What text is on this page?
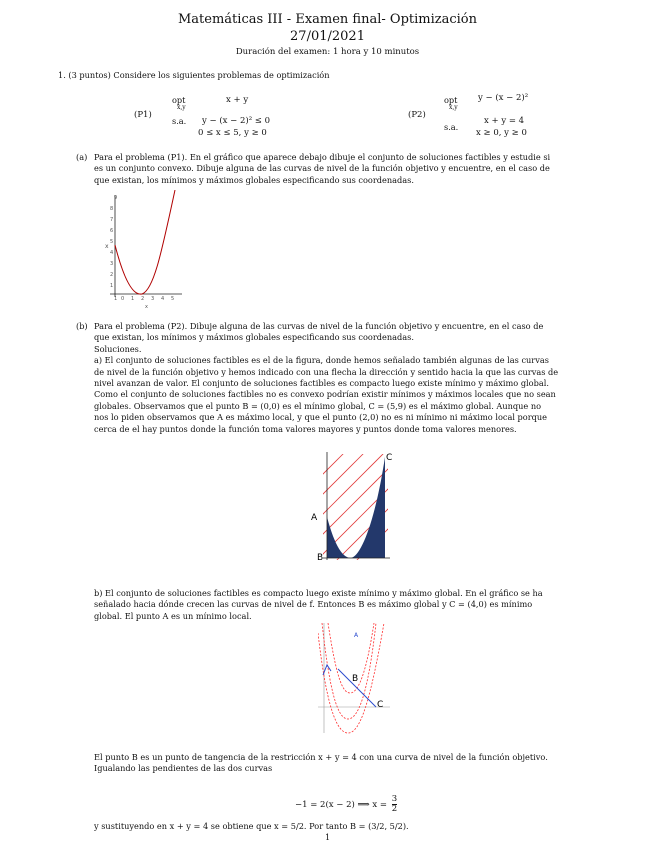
Matemáticas III - Examen final- Optimización
27/01/2021
Duración del examen: 1 hora y 10 minutos
1. (3 puntos) Considere los siguientes problemas de optimización
(P1)
opt
x,y
x + y
s.a. y − (x − 2)² ≤ 0
0 ≤ x ≤ 5, y ≥ 0
(P2)
opt
x,y
y − (x − 2)²
s.a.
x + y = 4
x ≥ 0, y ≥ 0
(a) Para el problema (P1). En el gráfico que aparece debajo dibuje el conjunto de soluciones factibles y estudie si
es un conjunto convexo. Dibuje alguna de las curvas de nivel de la función objetivo y encuentre, en el caso de
que existan, los mínimos y máximos globales especificando sus coordenadas.
9
8
7
6
5
4
3
2
1
x
1 0 1 2 3 4 5
x
(b) Para el problema (P2). Dibuje alguna de las curvas de nivel de la función objetivo y encuentre, en el caso de
que existan, los mínimos y máximos globales especificando sus coordenadas.
Soluciones.
a) El conjunto de soluciones factibles es el de la figura, donde hemos señalado también algunas de las curvas
de nivel de la función objetivo y hemos indicado con una flecha la dirección y sentido hacia la que las curvas de
nivel avanzan de valor. El conjunto de soluciones factibles es compacto luego existe mínimo y máximo global.
Como el conjunto de soluciones factibles no es convexo podrían existir mínimos y máximos locales que no sean
globales. Observamos que el punto B = (0,0) es el mínimo global, C = (5,9) es el máximo global. Aunque no
nos lo piden observamos que A es máximo local, y que el punto (2,0) no es ni mínimo ni máximo local porque
cerca de el hay puntos donde la función toma valores mayores y puntos donde toma valores menores.
A
B
C
b) El conjunto de soluciones factibles es compacto luego existe mínimo y máximo global. En el gráfico se ha
señalado hacia dónde crecen las curvas de nivel de f. Entonces B es máximo global y C = (4,0) es mínimo
global. El punto A es un mínimo local.
A
B
C
El punto B es un punto de tangencia de la restricción x + y = 4 con una curva de nivel de la función objetivo.
Igualando las pendientes de las dos curvas
−1 = 2(x − 2) ⟹ $x = \frac{3}{2}$
y sustituyendo en x + y = 4 se obtiene que x = 5/2. Por tanto B = (3/2, 5/2).
1
